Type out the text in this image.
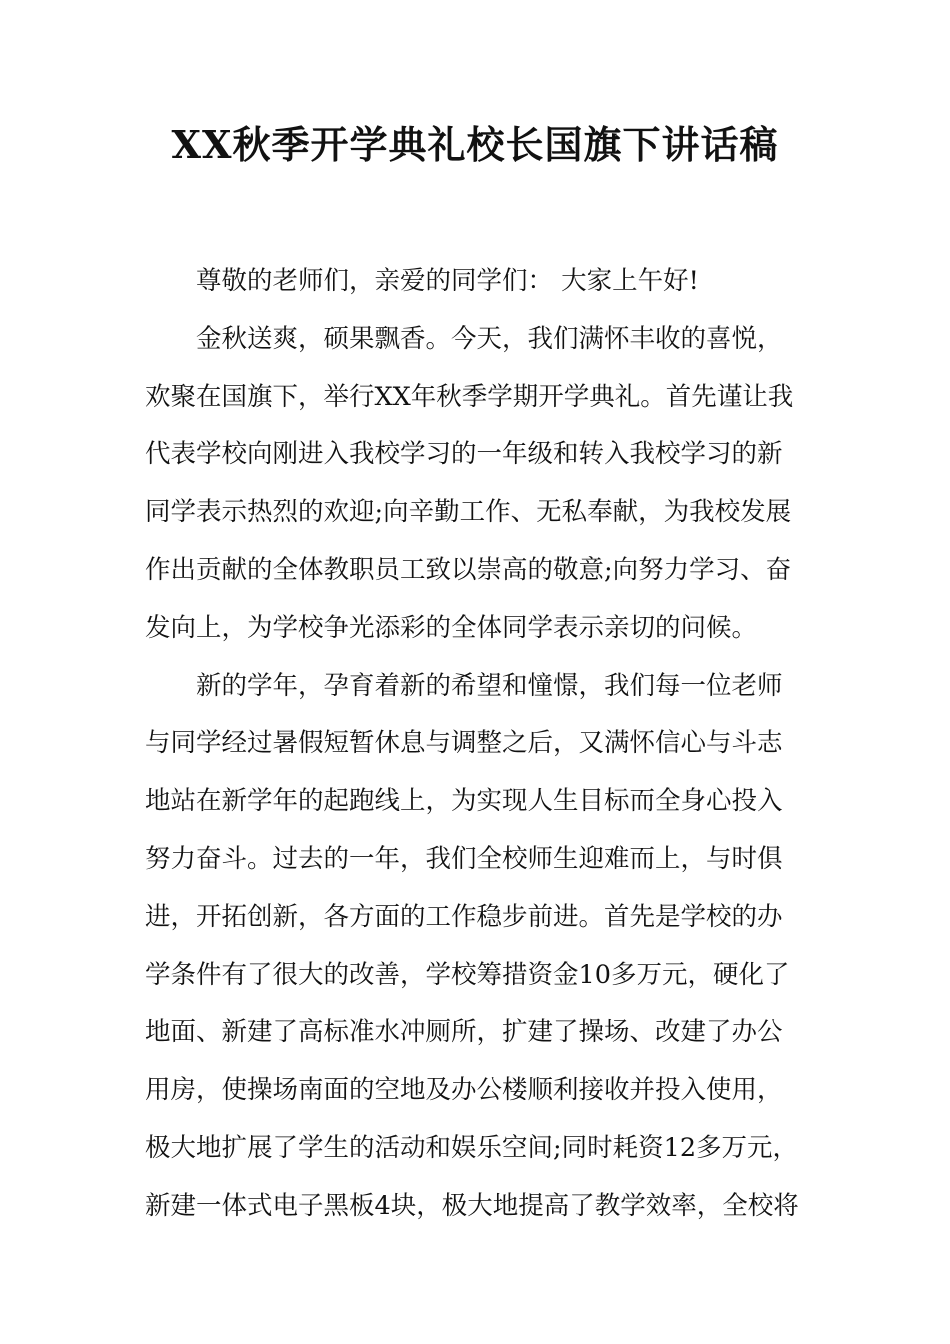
XX秋季开学典礼校长国旗下讲话稿
尊敬的老师们，亲爱的同学们： 大家上午好!
金秋送爽，硕果飘香。今天，我们满怀丰收的喜悦，
欢聚在国旗下，举行XX年秋季学期开学典礼。首先谨让我
代表学校向刚进入我校学习的一年级和转入我校学习的新
同学表示热烈的欢迎;向辛勤工作、无私奉献，为我校发展
作出贡献的全体教职员工致以崇高的敬意;向努力学习、奋
发向上，为学校争光添彩的全体同学表示亲切的问候。
新的学年，孕育着新的希望和憧憬，我们每一位老师
与同学经过暑假短暂休息与调整之后，又满怀信心与斗志
地站在新学年的起跑线上，为实现人生目标而全身心投入
努力奋斗。过去的一年，我们全校师生迎难而上，与时俱
进，开拓创新，各方面的工作稳步前进。首先是学校的办
学条件有了很大的改善，学校筹措资金10多万元，硬化了
地面、新建了高标准水冲厕所，扩建了操场、改建了办公
用房，使操场南面的空地及办公楼顺利接收并投入使用，
极大地扩展了学生的活动和娱乐空间;同时耗资12多万元，
新建一体式电子黑板4块，极大地提高了教学效率，全校将
